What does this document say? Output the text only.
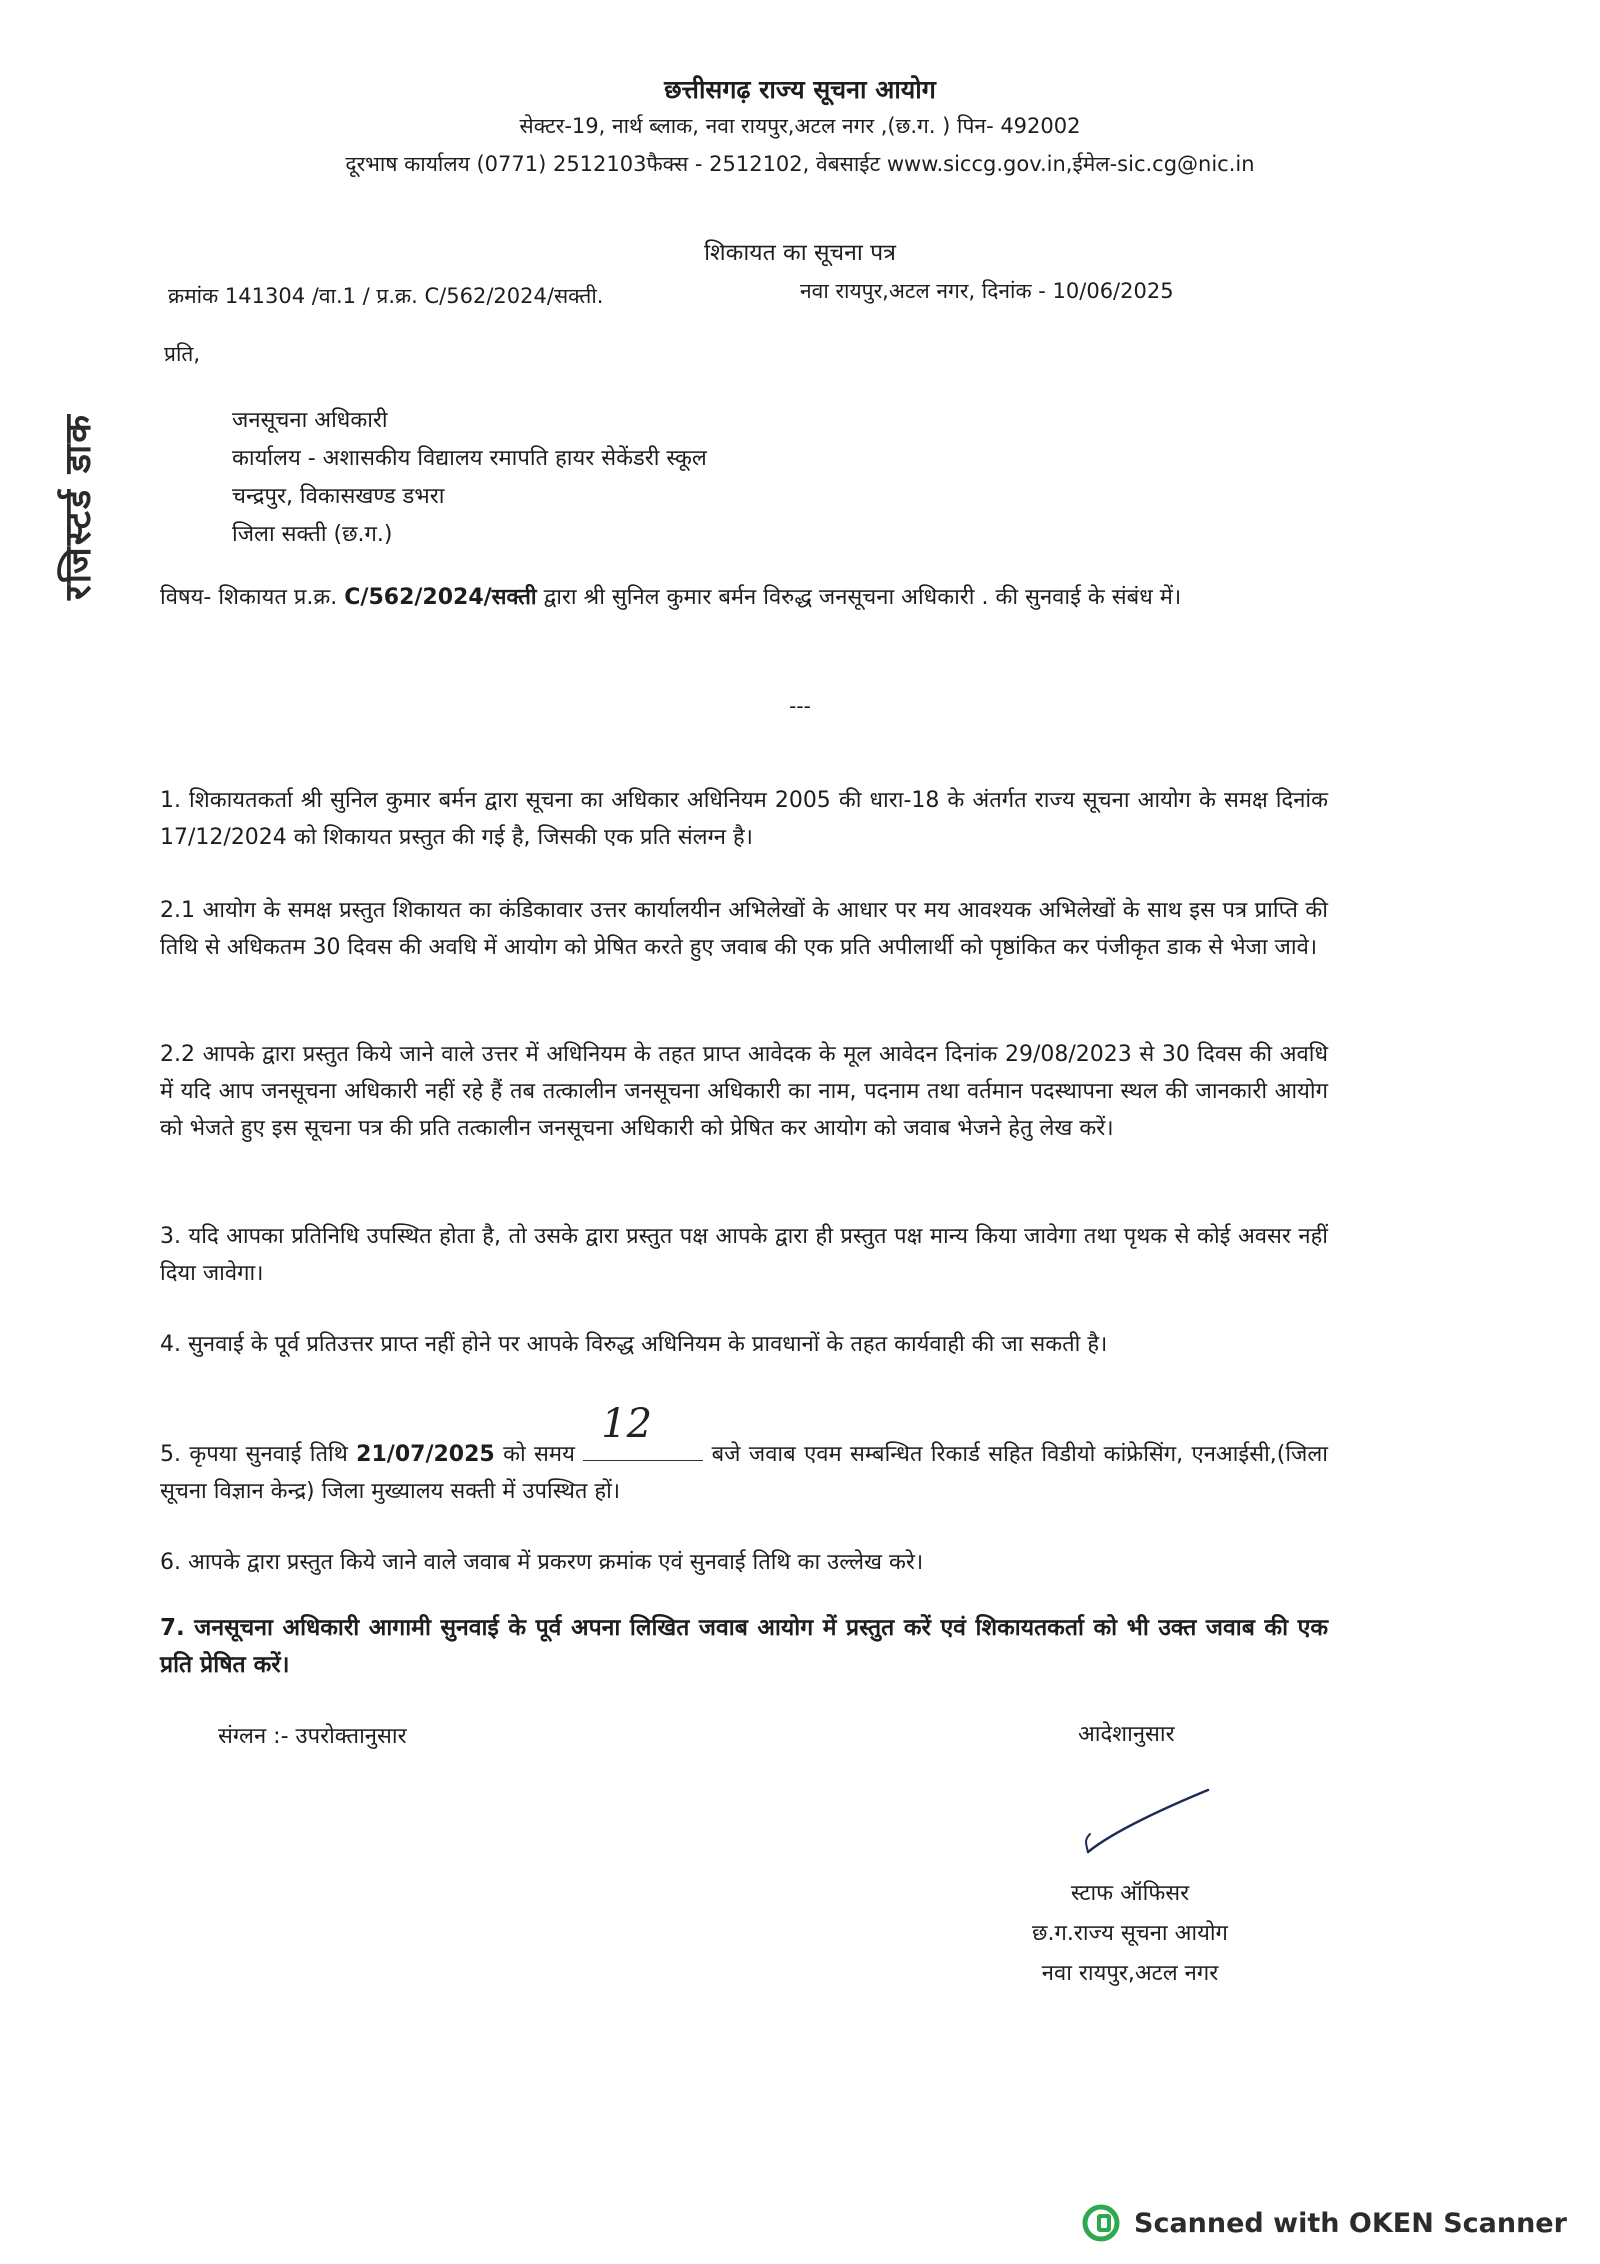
छत्तीसगढ़ राज्य सूचना आयोग
सेक्टर-19, नार्थ ब्लाक, नवा रायपुर,अटल नगर ,(छ.ग. ) पिन- 492002
दूरभाष कार्यालय (0771) 2512103फैक्स - 2512102, वेबसाईट www.siccg.gov.in,ईमेल-sic.cg@nic.in
शिकायत का सूचना पत्र
क्रमांक 141304 /वा.1 / प्र.क्र. C/562/2024/सक्ती.	नवा रायपुर,अटल नगर, दिनांक - 10/06/2025
प्रति,
जनसूचना अधिकारी
कार्यालय - अशासकीय विद्यालय रमापति हायर सेकेंडरी स्कूल
चन्द्रपुर, विकासखण्ड डभरा
जिला सक्ती (छ.ग.)
रजिस्टर्ड डाक	विषय- शिकायत प्र.क्र. C/562/2024/सक्ती द्वारा श्री सुनिल कुमार बर्मन विरुद्ध जनसूचना अधिकारी . की सुनवाई के संबंध में।
---
1. शिकायतकर्ता श्री सुनिल कुमार बर्मन द्वारा सूचना का अधिकार अधिनियम 2005 की धारा-18 के अंतर्गत राज्य सूचना आयोग के समक्ष दिनांक 17/12/2024 को शिकायत प्रस्तुत की गई है, जिसकी एक प्रति संलग्न है।
2.1 आयोग के समक्ष प्रस्तुत शिकायत का कंडिकावार उत्तर कार्यालयीन अभिलेखों के आधार पर मय आवश्यक अभिलेखों के साथ इस पत्र प्राप्ति की तिथि से अधिकतम 30 दिवस की अवधि में आयोग को प्रेषित करते हुए जवाब की एक प्रति अपीलार्थी को पृष्ठांकित कर पंजीकृत डाक से भेजा जावे।
2.2 आपके द्वारा प्रस्तुत किये जाने वाले उत्तर में अधिनियम के तहत प्राप्त आवेदक के मूल आवेदन दिनांक 29/08/2023 से 30 दिवस की अवधि में यदि आप जनसूचना अधिकारी नहीं रहे हैं तब तत्कालीन जनसूचना अधिकारी का नाम, पदनाम तथा वर्तमान पदस्थापना स्थल की जानकारी आयोग को भेजते हुए इस सूचना पत्र की प्रति तत्कालीन जनसूचना अधिकारी को प्रेषित कर आयोग को जवाब भेजने हेतु लेख करें।
3. यदि आपका प्रतिनिधि उपस्थित होता है, तो उसके द्वारा प्रस्तुत पक्ष आपके द्वारा ही प्रस्तुत पक्ष मान्य किया जावेगा तथा पृथक से कोई अवसर नहीं दिया जावेगा।
4. सुनवाई के पूर्व प्रतिउत्तर प्राप्त नहीं होने पर आपके विरुद्ध अधिनियम के प्रावधानों के तहत कार्यवाही की जा सकती है।
5. कृपया सुनवाई तिथि 21/07/2025 को समय
12
बजे जवाब एवम सम्बन्धित रिकार्ड सहित विडीयो कांफ्रेसिंग, एनआईसी,(जिला सूचना विज्ञान केन्द्र) जिला मुख्यालय सक्ती में उपस्थित हों।
6. आपके द्वारा प्रस्तुत किये जाने वाले जवाब में प्रकरण क्रमांक एवं सुनवाई तिथि का उल्लेख करे।
7. जनसूचना अधिकारी आगामी सुनवाई के पूर्व अपना लिखित जवाब आयोग में प्रस्तुत करें एवं शिकायतकर्ता को भी उक्त जवाब की एक प्रति प्रेषित करें।
संग्लन :- उपरोक्तानुसार	आदेशानुसार
स्टाफ ऑफिसर
छ.ग.राज्य सूचना आयोग
नवा रायपुर,अटल नगर
Scanned with OKEN Scanner
